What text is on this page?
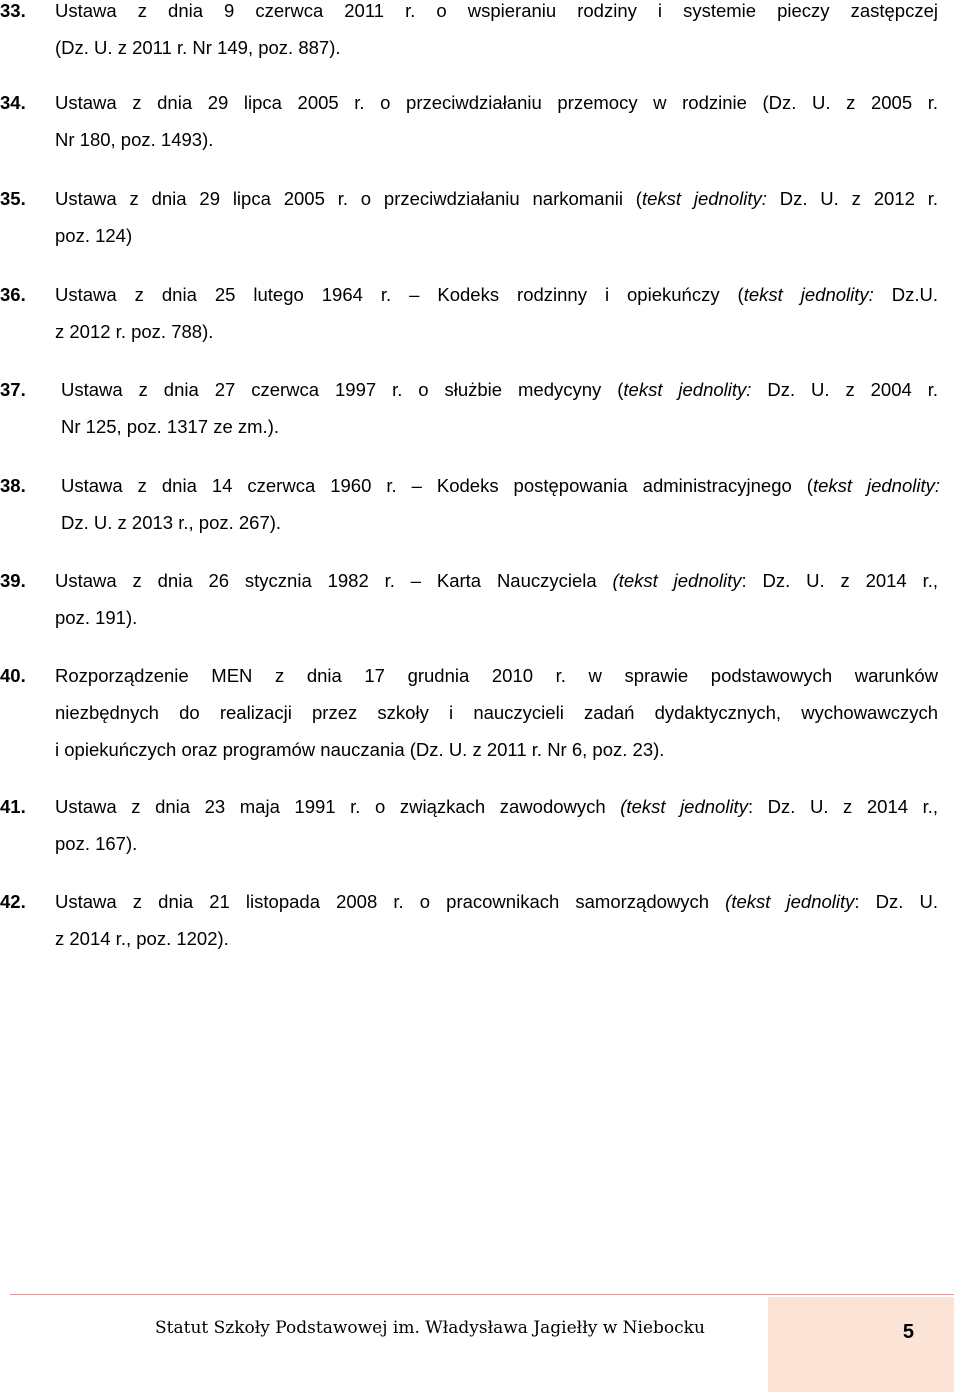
33.	Ustawa z dnia 9 czerwca 2011 r. o wspieraniu rodziny i systemie pieczy zastępczej
(Dz. U. z 2011 r. Nr 149, poz. 887).
34.	Ustawa z dnia 29 lipca 2005 r. o przeciwdziałaniu przemocy w rodzinie (Dz. U. z 2005 r.
Nr 180, poz. 1493).
35.	Ustawa z dnia 29 lipca 2005 r. o przeciwdziałaniu narkomanii (tekst jednolity: Dz. U. z 2012 r.
poz. 124)
36.	Ustawa z dnia 25 lutego 1964 r. – Kodeks rodzinny i opiekuńczy (tekst jednolity: Dz.U.
z 2012 r. poz. 788).
37.	Ustawa z dnia 27 czerwca 1997 r. o służbie medycyny (tekst jednolity: Dz. U. z 2004 r.
Nr 125, poz. 1317 ze zm.).
38.	Ustawa z dnia 14 czerwca 1960 r. – Kodeks postępowania administracyjnego (tekst jednolity:
Dz. U. z 2013 r., poz. 267).
39.	Ustawa z dnia 26 stycznia 1982 r. – Karta Nauczyciela (tekst jednolity: Dz. U. z 2014 r.,
poz. 191).
40.	Rozporządzenie MEN z dnia 17 grudnia 2010 r. w sprawie podstawowych warunków
niezbędnych do realizacji przez szkoły i nauczycieli zadań dydaktycznych, wychowawczych
i opiekuńczych oraz programów nauczania (Dz. U. z 2011 r. Nr 6, poz. 23).
41.	Ustawa z dnia 23 maja 1991 r. o związkach zawodowych (tekst jednolity: Dz. U. z 2014 r.,
poz. 167).
42.	Ustawa z dnia 21 listopada 2008 r. o pracownikach samorządowych (tekst jednolity: Dz. U.
z 2014 r., poz. 1202).
Statut Szkoły Podstawowej im. Władysława Jagiełły w Niebocku	5
